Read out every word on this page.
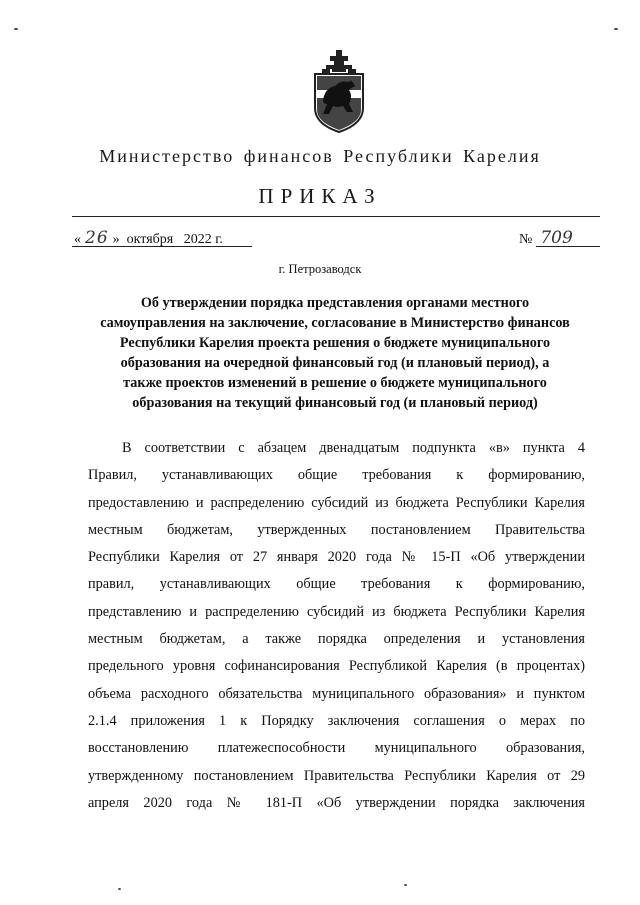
Министерство финансов Республики Карелия
ПРИКАЗ
« 26 » октября 2022 г.	№ 709
г. Петрозаводск
Об утверждении порядка представления органами местного
самоуправления на заключение, согласование в Министерство финансов
Республики Карелия проекта решения о бюджете муниципального
образования на очередной финансовый год (и плановый период), а
также проектов изменений в решение о бюджете муниципального
образования на текущий финансовый год (и плановый период)
В соответствии с абзацем двенадцатым подпункта «в» пункта 4
Правил, устанавливающих общие требования к формированию,
предоставлению и распределению субсидий из бюджета Республики Карелия
местным бюджетам, утвержденных постановлением Правительства
Республики Карелия от 27 января 2020 года № 15-П «Об утверждении
правил, устанавливающих общие требования к формированию,
представлению и распределению субсидий из бюджета Республики Карелия
местным бюджетам, а также порядка определения и установления
предельного уровня софинансирования Республикой Карелия (в процентах)
объема расходного обязательства муниципального образования» и пунктом
2.1.4 приложения 1 к Порядку заключения соглашения о мерах по
восстановлению платежеспособности муниципального образования,
утвержденному постановлением Правительства Республики Карелия от 29
апреля 2020 года № 181-П «Об утверждении порядка заключения
